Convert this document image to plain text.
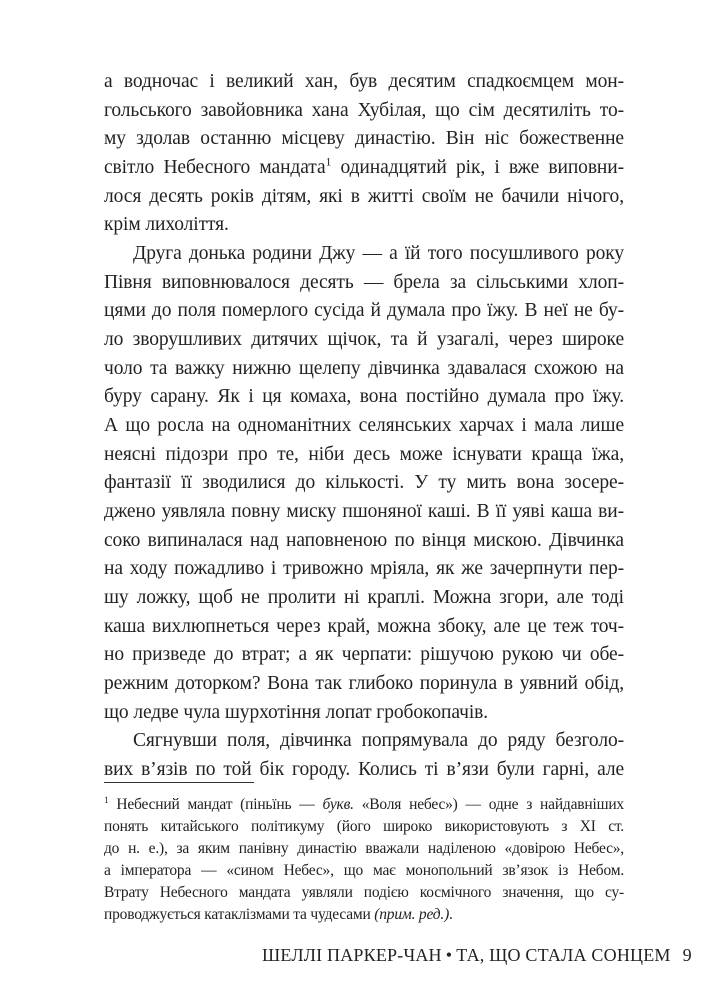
а водночас і великий хан, був десятим спадкоємцем мон-
гольського завойовника хана Хубілая, що сім десятиліть то-
му здолав останню місцеву династію. Він ніс божественне
світло Небесного мандата$^1$ одинадцятий рік, і вже виповни-
лося десять років дітям, які в житті своїм не бачили нічого,
крім лихоліття.
Друга донька родини Джу — а їй того посушливого року
Півня виповнювалося десять — брела за сільськими хлоп-
цями до поля померлого сусіда й думала про їжу. В неї не бу-
ло зворушливих дитячих щічок, та й узагалі, через широке
чоло та важку нижню щелепу дівчинка здавалася схожою на
буру сарану. Як і ця комаха, вона постійно думала про їжу.
А що росла на одноманітних селянських харчах і мала лише
неясні підозри про те, ніби десь може існувати краща їжа,
фантазії її зводилися до кількості. У ту мить вона зосере-
джено уявляла повну миску пшоняної каші. В її уяві каша ви-
соко випиналася над наповненою по вінця мискою. Дівчинка
на ходу пожадливо і тривожно мріяла, як же зачерпнути пер-
шу ложку, щоб не пролити ні краплі. Можна згори, але тоді
каша вихлюпнеться через край, можна збоку, але це теж точ-
но призведе до втрат; а як черпати: рішучою рукою чи обе-
режним доторком? Вона так глибоко поринула в уявний обід,
що ледве чула шурхотіння лопат гробокопачів.
Сягнувши поля, дівчинка попрямувала до ряду безголо-
вих в’язів по той бік городу. Колись ті в’язи були гарні, але
$^1$ Небесний мандат (піньїнь — букв. «Воля небес») — одне з найдавніших
понять китайського політикуму (його широко використовують з XI ст.
до н. е.), за яким панівну династію вважали наділеною «довірою Небес»,
а імператора — «сином Небес», що має монопольний зв’язок із Небом.
Втрату Небесного мандата уявляли подією космічного значення, що су-
проводжується катаклізмами та чудесами (прим. ред.).
ШЕЛЛІ ПАРКЕР-ЧАН • ТА, ЩО СТАЛА СОНЦЕМ 9
